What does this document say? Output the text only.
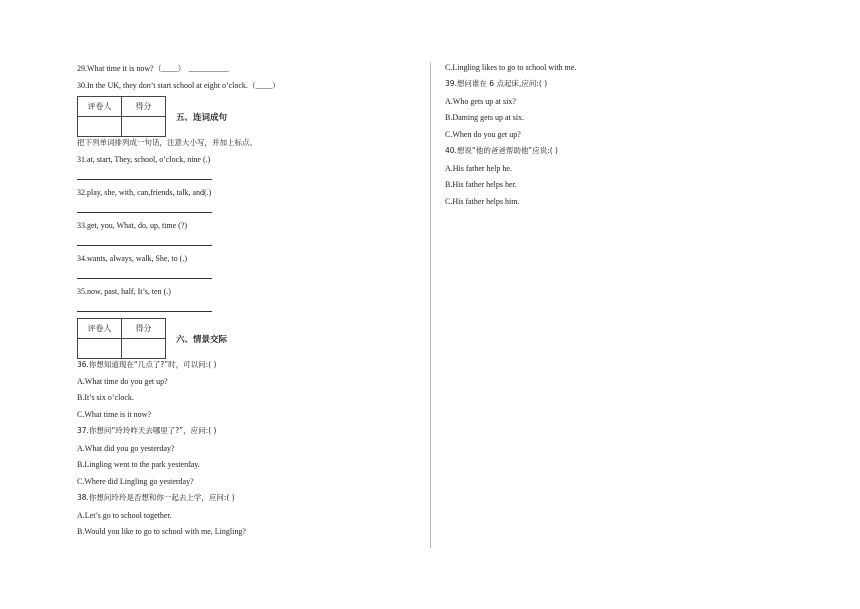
29.What time it is now?（____） __________
30.In the UK, they don’t start school at eight o’clock.（____）
评卷人	得分

五、连词成句
把下列单词排列成一句话，注意大小写，并加上标点。
31.at, start, They, school, o’clock, nine (.)
32.play, she, with, can,friends, talk, and(.)
33.get, you, What, do, up, time (?)
34.wants, always, walk, She, to (.)
35.now, past, half, It’s, ten (.)
评卷人	得分

六、情景交际
36.你想知道现在“几点了?”时，可以问:( )
A.What time do you get up?
B.It’s six o’clock.
C.What time is it now?
37.你想问“玲玲昨天去哪里了?”，应问:( )
A.What did you go yesterday?
B.Lingling went to the park yesterday.
C.Where did Lingling go yesterday?
38.你想问玲玲是否想和你一起去上学，应问:( )
A.Let’s go to school together.
B.Would you like to go to school with me, Lingling?
C.Lingling likes to go to school with me.
39.想问谁在 6 点起床,应问:( )
A.Who gets up at six?
B.Daming gets up at six.
C.When do you get up?
40.想说“他的爸爸帮助他”应说:( )
A.His father help he.
B.His father helps her.
C.His father helps him.
